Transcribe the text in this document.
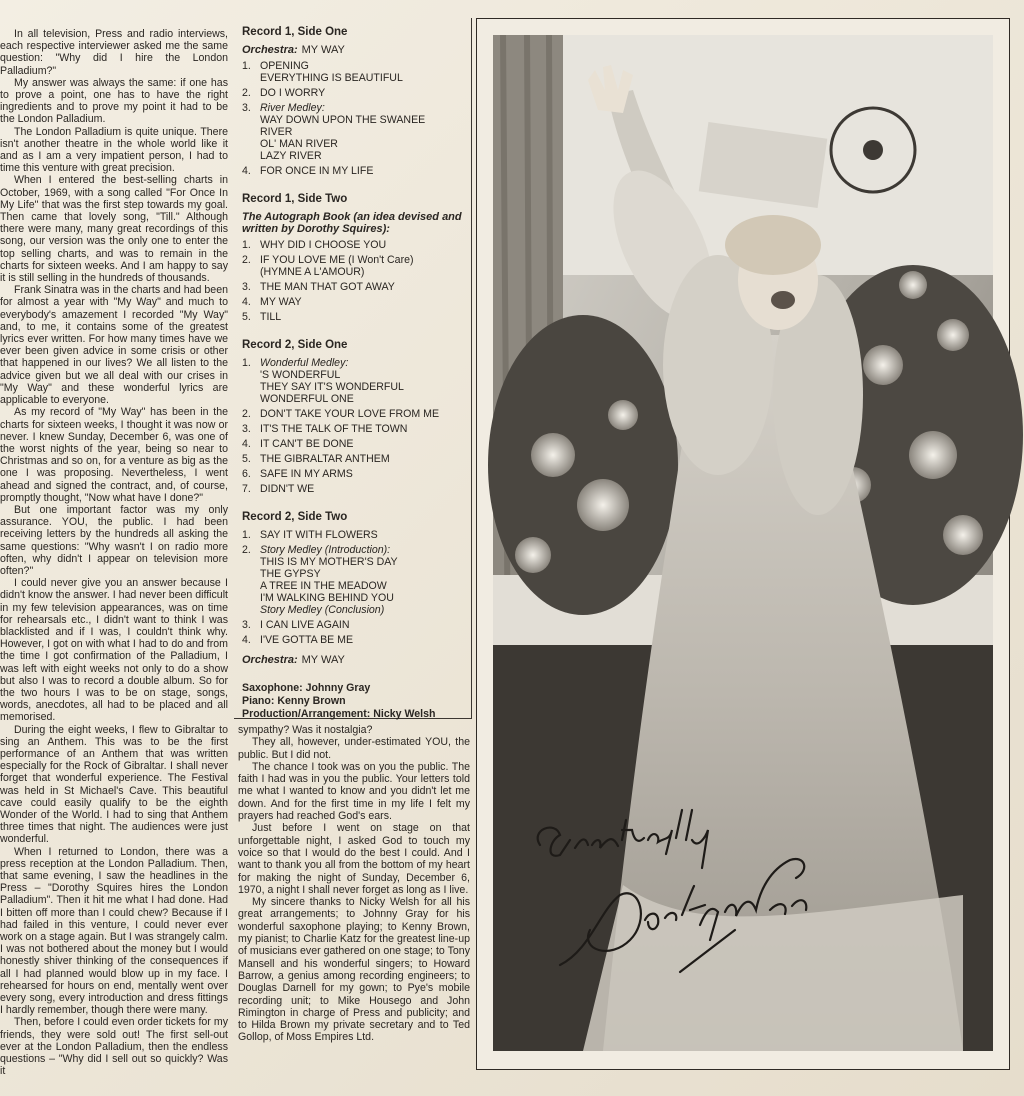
In all television, Press and radio interviews, each respective interviewer asked me the same question: "Why did I hire the London Palladium?"

My answer was always the same: if one has to prove a point, one has to have the right ingredients and to prove my point it had to be the London Palladium.

The London Palladium is quite unique. There isn't another theatre in the whole world like it and as I am a very impatient person, I had to time this venture with great precision.

When I entered the best-selling charts in October, 1969, with a song called "For Once In My Life" that was the first step towards my goal. Then came that lovely song, "Till." Although there were many, many great recordings of this song, our version was the only one to enter the top selling charts, and was to remain in the charts for sixteen weeks. And I am happy to say it is still selling in the hundreds of thousands.

Frank Sinatra was in the charts and had been for almost a year with "My Way" and much to everybody's amazement I recorded "My Way" and, to me, it contains some of the greatest lyrics ever written. For how many times have we ever been given advice in some crisis or other that happened in our lives? We all listen to the advice given but we all deal with our crises in "My Way" and these wonderful lyrics are applicable to everyone.

As my record of "My Way" has been in the charts for sixteen weeks, I thought it was now or never. I knew Sunday, December 6, was one of the worst nights of the year, being so near to Christmas and so on, for a venture as big as the one I was proposing. Nevertheless, I went ahead and signed the contract, and, of course, promptly thought, "Now what have I done?"

But one important factor was my only assurance. YOU, the public. I had been receiving letters by the hundreds all asking the same questions: "Why wasn't I on radio more often, why didn't I appear on television more often?"

I could never give you an answer because I didn't know the answer. I had never been difficult in my few television appearances, was on time for rehearsals etc., I didn't want to think I was blacklisted and if I was, I couldn't think why. However, I got on with what I had to do and from the time I got confirmation of the Palladium, I was left with eight weeks not only to do a show but also I was to record a double album. So for the two hours I was to be on stage, songs, words, anecdotes, all had to be placed and all memorised.

During the eight weeks, I flew to Gibraltar to sing an Anthem. This was to be the first performance of an Anthem that was written especially for the Rock of Gibraltar. I shall never forget that wonderful experience. The Festival was held in St Michael's Cave. This beautiful cave could easily qualify to be the eighth Wonder of the World. I had to sing that Anthem three times that night. The audiences were just wonderful.

When I returned to London, there was a press reception at the London Palladium. Then, that same evening, I saw the headlines in the Press – "Dorothy Squires hires the London Palladium". Then it hit me what I had done. Had I bitten off more than I could chew? Because if I had failed in this venture, I could never ever work on a stage again. But I was strangely calm. I was not bothered about the money but I would honestly shiver thinking of the consequences if all I had planned would blow up in my face. I rehearsed for hours on end, mentally went over every song, every introduction and dress fittings I hardly remember, though there were many.

Then, before I could even order tickets for my friends, they were sold out! The first sell-out ever at the London Palladium, then the endless questions – "Why did I sell out so quickly? Was it

Record 1, Side One
Orchestra: MY WAY
1. OPENING
EVERYTHING IS BEAUTIFUL
2. DO I WORRY
3. River Medley:
WAY DOWN UPON THE SWANEE
RIVER
OL' MAN RIVER
LAZY RIVER
4. FOR ONCE IN MY LIFE
Record 1, Side Two
The Autograph Book (an idea devised and written by Dorothy Squires):
1. WHY DID I CHOOSE YOU
2. IF YOU LOVE ME (I Won't Care)
(HYMNE A L'AMOUR)
3. THE MAN THAT GOT AWAY
4. MY WAY
5. TILL
Record 2, Side One
1. Wonderful Medley:
'S WONDERFUL
THEY SAY IT'S WONDERFUL
WONDERFUL ONE
2. DON'T TAKE YOUR LOVE FROM ME
3. IT'S THE TALK OF THE TOWN
4. IT CAN'T BE DONE
5. THE GIBRALTAR ANTHEM
6. SAFE IN MY ARMS
7. DIDN'T WE
Record 2, Side Two
1. SAY IT WITH FLOWERS
2. Story Medley (Introduction):
THIS IS MY MOTHER'S DAY
THE GYPSY
A TREE IN THE MEADOW
I'M WALKING BEHIND YOU
Story Medley (Conclusion)
3. I CAN LIVE AGAIN
4. I'VE GOTTA BE ME
Orchestra: MY WAY
Saxophone: Johnny Gray
Piano: Kenny Brown
Production/Arrangement: Nicky Welsh

sympathy? Was it nostalgia?

They all, however, under-estimated YOU, the public. But I did not.

The chance I took was on you the public. The faith I had was in you the public. Your letters told me what I wanted to know and you didn't let me down. And for the first time in my life I felt my prayers had reached God's ears.

Just before I went on stage on that unforgettable night, I asked God to touch my voice so that I would do the best I could. And I want to thank you all from the bottom of my heart for making the night of Sunday, December 6, 1970, a night I shall never forget as long as I live.

My sincere thanks to Nicky Welsh for all his great arrangements; to Johnny Gray for his wonderful saxophone playing; to Kenny Brown, my pianist; to Charlie Katz for the greatest line-up of musicians ever gathered on one stage; to Tony Mansell and his wonderful singers; to Howard Barrow, a genius among recording engineers; to Douglas Darnell for my gown; to Pye's mobile recording unit; to Mike Housego and John Rimington in charge of Press and publicity; and to Hilda Brown my private secretary and to Ted Gollop, of Moss Empires Ltd.
